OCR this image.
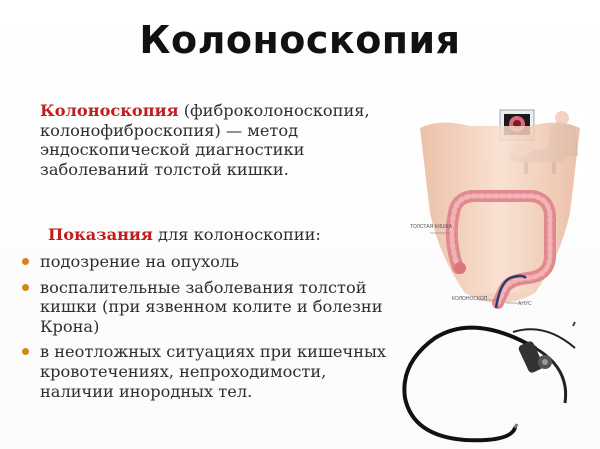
Колоноскопия
Колоноскопия (фиброколоноскопия, колонофиброскопия) — метод эндоскопической диагностики заболеваний толстой кишки.
Показания для колоноскопии:
подозрение на опухоль
воспалительные заболевания толстой кишки (при язвенном колите и болезни Крона)
в неотложных ситуациях при кишечных кровотечениях, непроходимости, наличии инородных тел.
ТОЛСТАЯ КИШКА
КОЛОНОСКОП
АНУС
